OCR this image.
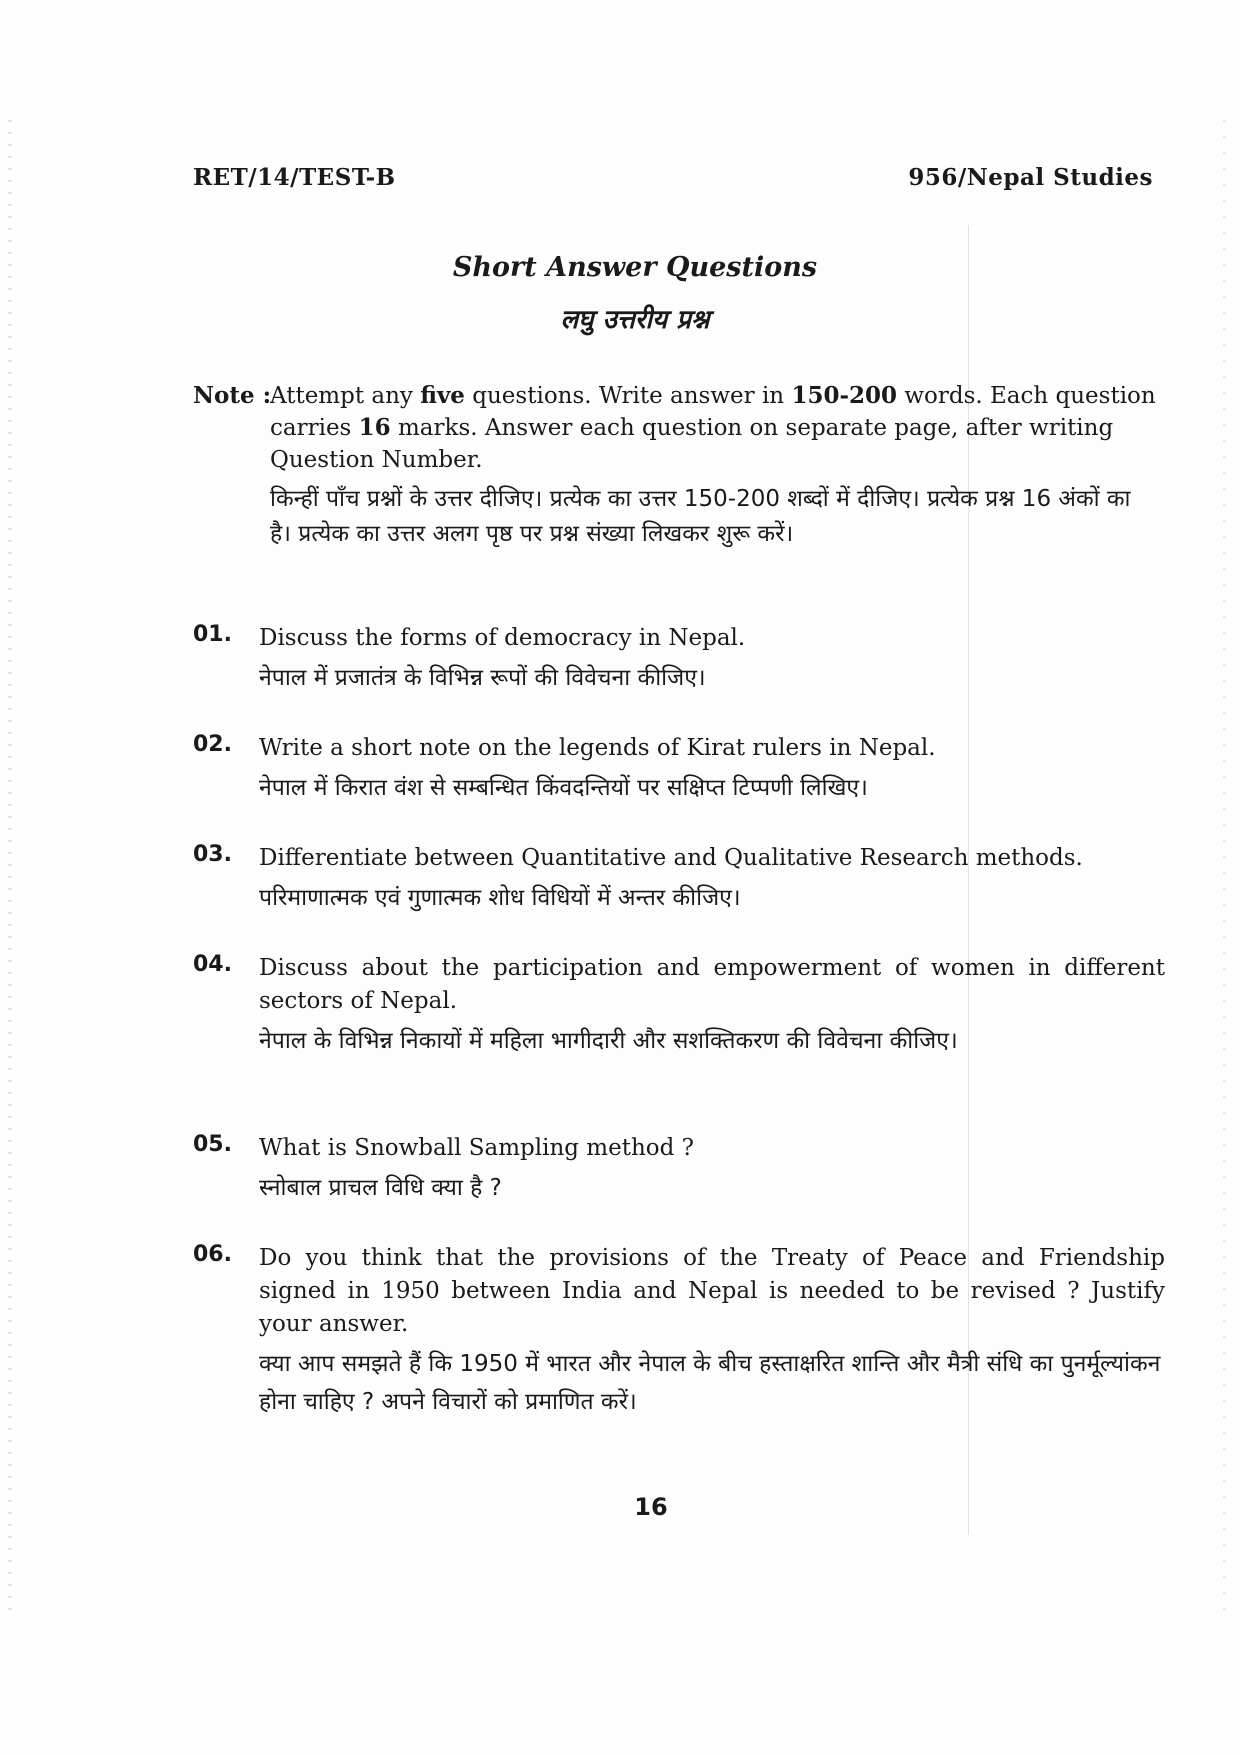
RET/14/TEST-B	956/Nepal Studies
Short Answer Questions
लघु उत्तरीय प्रश्न
Note :
Attempt any five questions. Write answer in 150-200 words. Each question carries 16 marks. Answer each question on separate page, after writing Question Number.
किन्हीं पाँच प्रश्नों के उत्तर दीजिए। प्रत्येक का उत्तर 150-200 शब्दों में दीजिए। प्रत्येक प्रश्न 16 अंकों का है। प्रत्येक का उत्तर अलग पृष्ठ पर प्रश्न संख्या लिखकर शुरू करें।
01. Discuss the forms of democracy in Nepal.
नेपाल में प्रजातंत्र के विभिन्न रूपों की विवेचना कीजिए।
02. Write a short note on the legends of Kirat rulers in Nepal.
नेपाल में किरात वंश से सम्बन्धित किंवदन्तियों पर सक्षिप्त टिप्पणी लिखिए।
03. Differentiate between Quantitative and Qualitative Research methods.
परिमाणात्मक एवं गुणात्मक शोध विधियों में अन्तर कीजिए।
04. Discuss about the participation and empowerment of women in different sectors of Nepal.
नेपाल के विभिन्न निकायों में महिला भागीदारी और सशक्तिकरण की विवेचना कीजिए।
05. What is Snowball Sampling method ?
स्नोबाल प्राचल विधि क्या है ?
06. Do you think that the provisions of the Treaty of Peace and Friendship signed in 1950 between India and Nepal is needed to be revised ? Justify your answer.
क्या आप समझते हैं कि 1950 में भारत और नेपाल के बीच हस्ताक्षरित शान्ति और मैत्री संधि का पुनर्मूल्यांकन होना चाहिए ? अपने विचारों को प्रमाणित करें।
16
